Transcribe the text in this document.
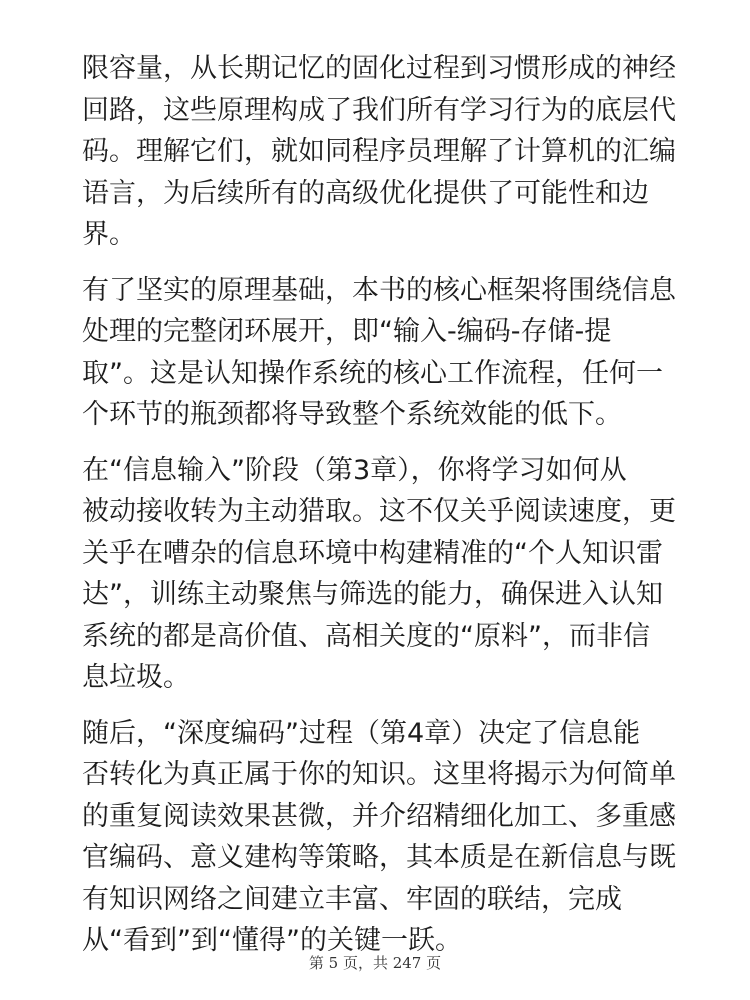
限容量，从长期记忆的固化过程到习惯形成的神经
回路，这些原理构成了我们所有学习行为的底层代
码。理解它们，就如同程序员理解了计算机的汇编
语言，为后续所有的高级优化提供了可能性和边
界。

有了坚实的原理基础，本书的核心框架将围绕信息
处理的完整闭环展开，即“输入-编码-存储-提
取”。这是认知操作系统的核心工作流程，任何一
个环节的瓶颈都将导致整个系统效能的低下。

在“信息输入”阶段（第3章），你将学习如何从
被动接收转为主动猎取。这不仅关乎阅读速度，更
关乎在嘈杂的信息环境中构建精准的“个人知识雷
达”，训练主动聚焦与筛选的能力，确保进入认知
系统的都是高价值、高相关度的“原料”，而非信
息垃圾。

随后，“深度编码”过程（第4章）决定了信息能
否转化为真正属于你的知识。这里将揭示为何简单
的重复阅读效果甚微，并介绍精细化加工、多重感
官编码、意义建构等策略，其本质是在新信息与既
有知识网络之间建立丰富、牢固的联结，完成
从“看到”到“懂得”的关键一跃。

第 5 页，共 247 页
